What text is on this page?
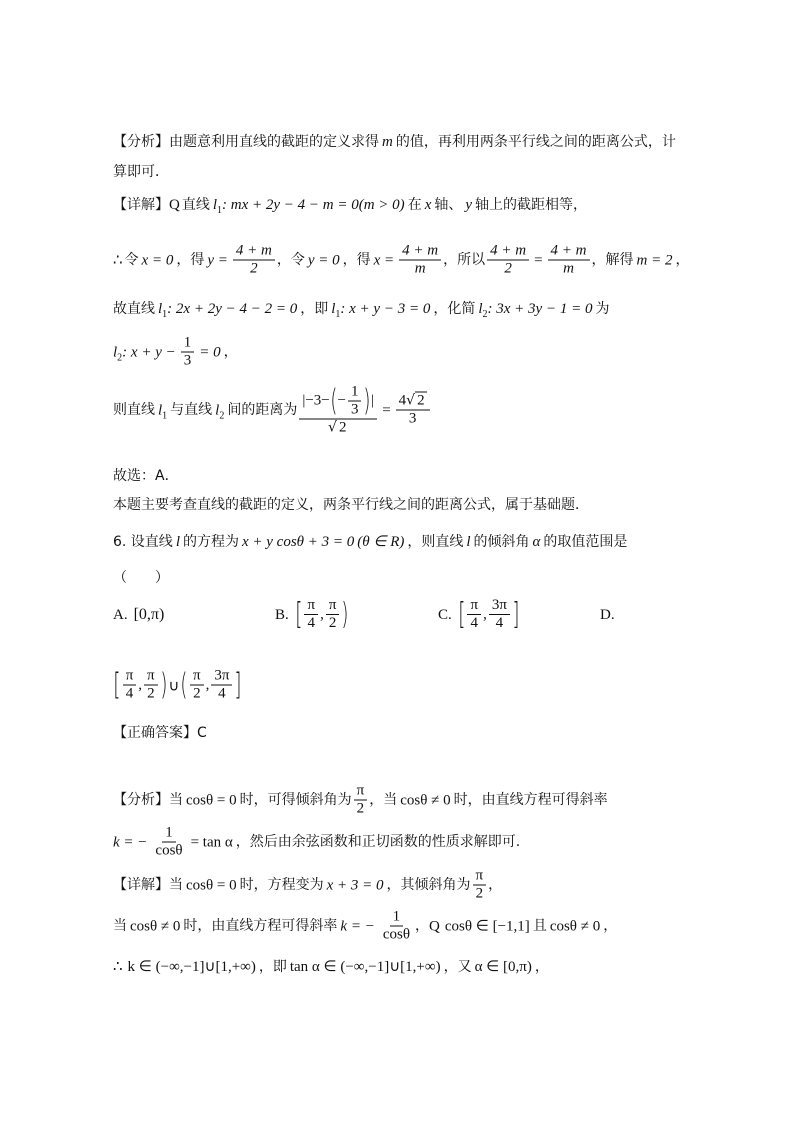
【分析】由题意利用直线的截距的定义求得 m 的值，再利用两条平行线之间的距离公式，计
算即可．
【详解】Q 直线 $l_1$: mx + 2y − 4 − m = 0(m > 0) 在 x 轴、 y 轴上的截距相等，
∴ 令 x = 0 ，得 $y = \frac{4 + m}{2}$ ，令 y = 0 ，得 $x = \frac{4 + m}{m}$ ，所以 $\frac{4 + m}{2} = \frac{4 + m}{m}$ ，解得 m = 2 ，
故直线 $l_1$: 2x + 2y − 4 − 2 = 0 ，即 $l_1$: x + y − 3 = 0 ，化简 $l_2$: 3x + 3y − 1 = 0 为
$l_2$: $x + y - \frac{1}{3} = 0$ ，
则直线 $l_1$ 与直线 $l_2$ 间的距离为 $\frac{|-3-(- \frac{1}{3} )|}{√ 2} = \frac{4√ 2}{3}$
故选：A．
本题主要考查直线的截距的定义，两条平行线之间的距离公式，属于基础题．
6. 设直线 l 的方程为 x + y cosθ + 3 = 0 (θ ∈ R) ，则直线 l 的倾斜角 α 的取值范围是
（　　）
A. [0,π)	B. [ $\frac{\pi}{4}$ , $\frac{\pi}{2}$ )	C. [ $\frac{\pi}{4}$ , $\frac{3\pi}{4}$ ]	D.
[ $\frac{\pi}{4}$ , $\frac{\pi}{2}$ )∪( $\frac{\pi}{2}$ , $\frac{3\pi}{4}$ ]
【正确答案】C
【分析】当 cosθ = 0 时，可得倾斜角为 $\frac{\pi}{2}$ ，当 cosθ ≠ 0 时，由直线方程可得斜率
k = − $\frac{1}{\cos\theta} = \tan \alpha$ ，然后由余弦函数和正切函数的性质求解即可.
【详解】当 cosθ = 0 时，方程变为 x + 3 = 0 ，其倾斜角为 $\frac{\pi}{2}$ ，
当 cosθ ≠ 0 时，由直线方程可得斜率 k = − $\frac{1}{\cos\theta}$ ，Q cosθ ∈ [−1,1] 且 cosθ ≠ 0 ，
∴ k ∈ (−∞,−1]∪[1,+∞) ，即 tan α ∈ (−∞,−1]∪[1,+∞) ，又 α ∈ [0,π) ，
